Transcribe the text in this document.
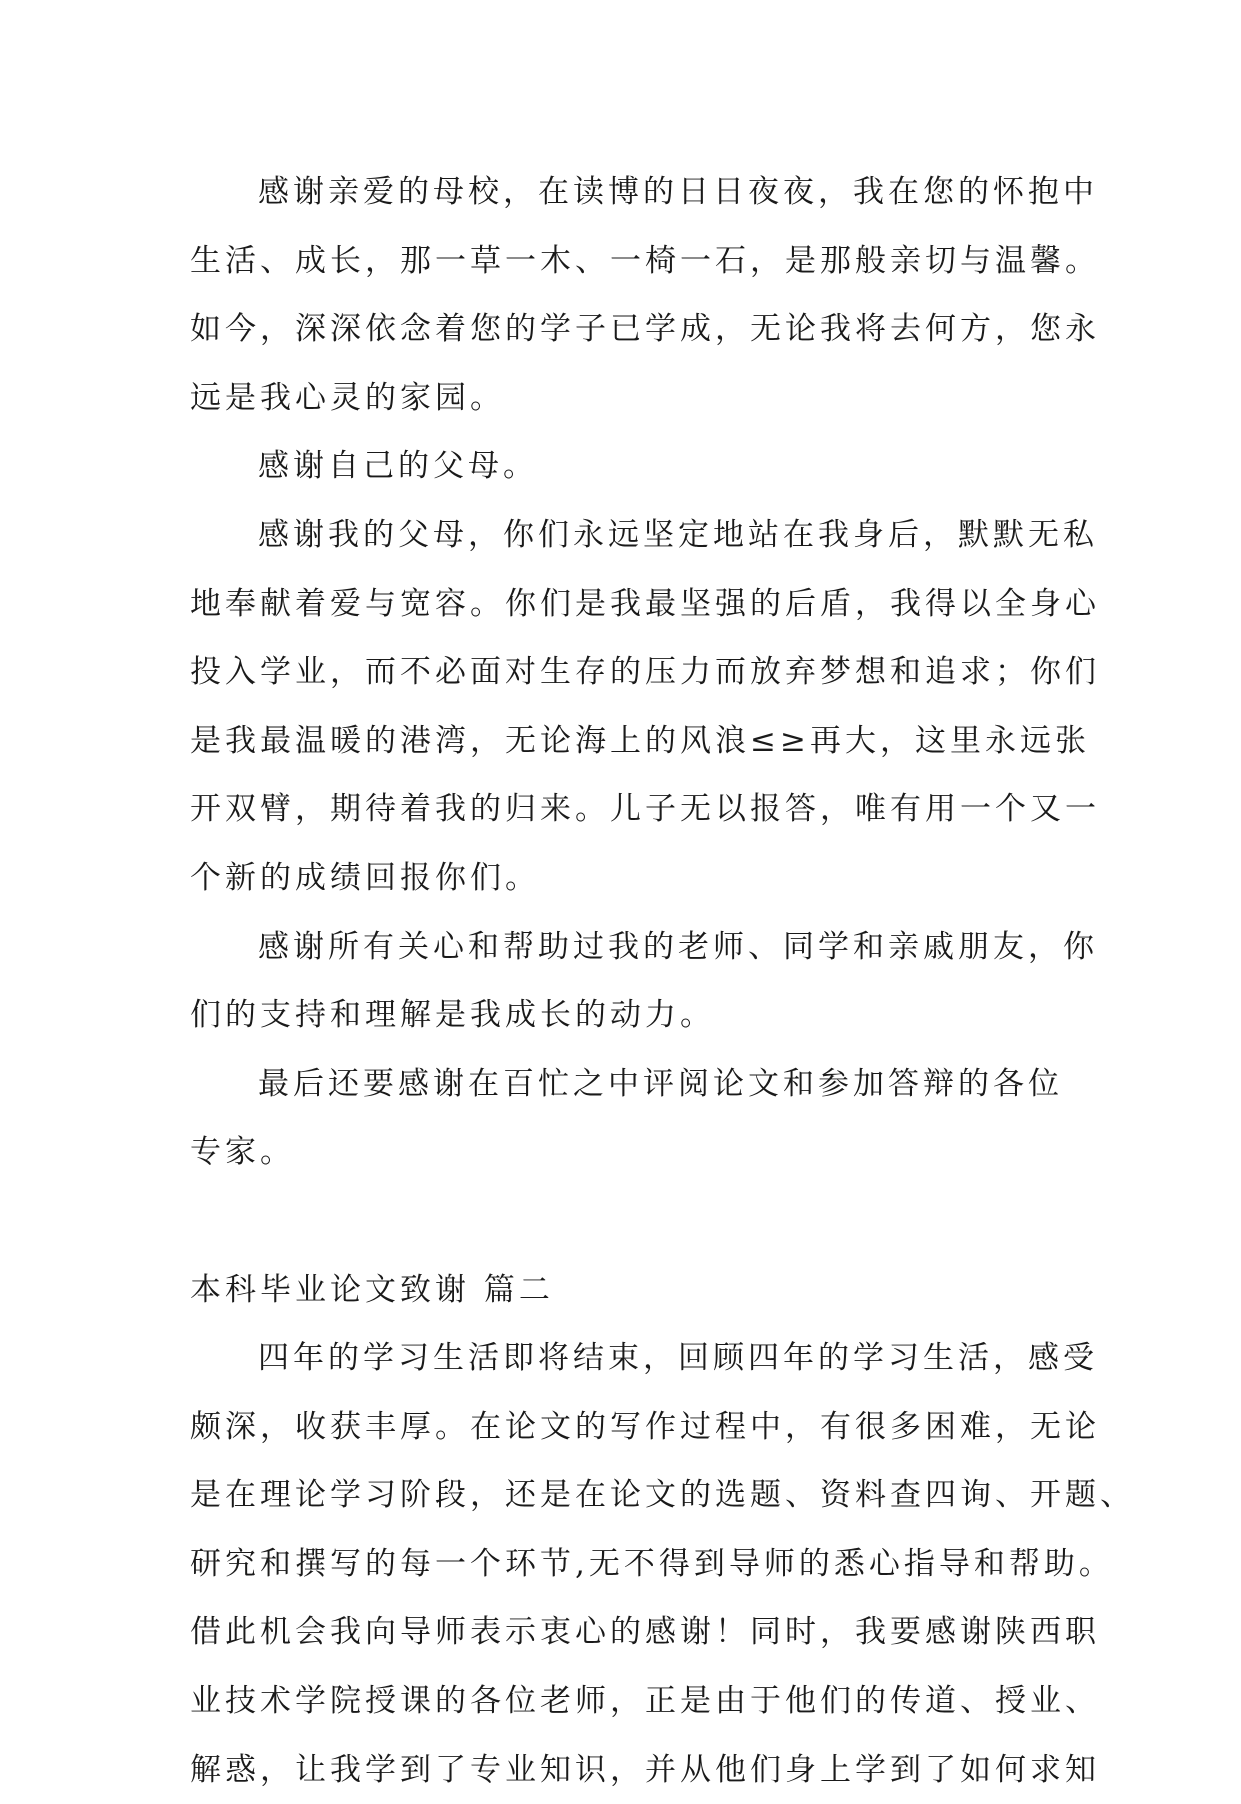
感谢亲爱的母校，在读博的日日夜夜，我在您的怀抱中
生活、成长，那一草一木、一椅一石，是那般亲切与温馨。
如今，深深依念着您的学子已学成，无论我将去何方，您永
远是我心灵的家园。
感谢自己的父母。
感谢我的父母，你们永远坚定地站在我身后，默默无私
地奉献着爱与宽容。你们是我最坚强的后盾，我得以全身心
投入学业，而不必面对生存的压力而放弃梦想和追求；你们
是我最温暖的港湾，无论海上的风浪≤≥再大，这里永远张
开双臂，期待着我的归来。儿子无以报答，唯有用一个又一
个新的成绩回报你们。
感谢所有关心和帮助过我的老师、同学和亲戚朋友，你
们的支持和理解是我成长的动力。
最后还要感谢在百忙之中评阅论文和参加答辩的各位
专家。
本科毕业论文致谢 篇二
四年的学习生活即将结束，回顾四年的学习生活，感受
颇深，收获丰厚。在论文的写作过程中，有很多困难，无论
是在理论学习阶段，还是在论文的选题、资料查四询、开题、
研究和撰写的每一个环节,无不得到导师的悉心指导和帮助。
借此机会我向导师表示衷心的感谢！同时，我要感谢陕西职
业技术学院授课的各位老师，正是由于他们的传道、授业、
解惑，让我学到了专业知识，并从他们身上学到了如何求知
